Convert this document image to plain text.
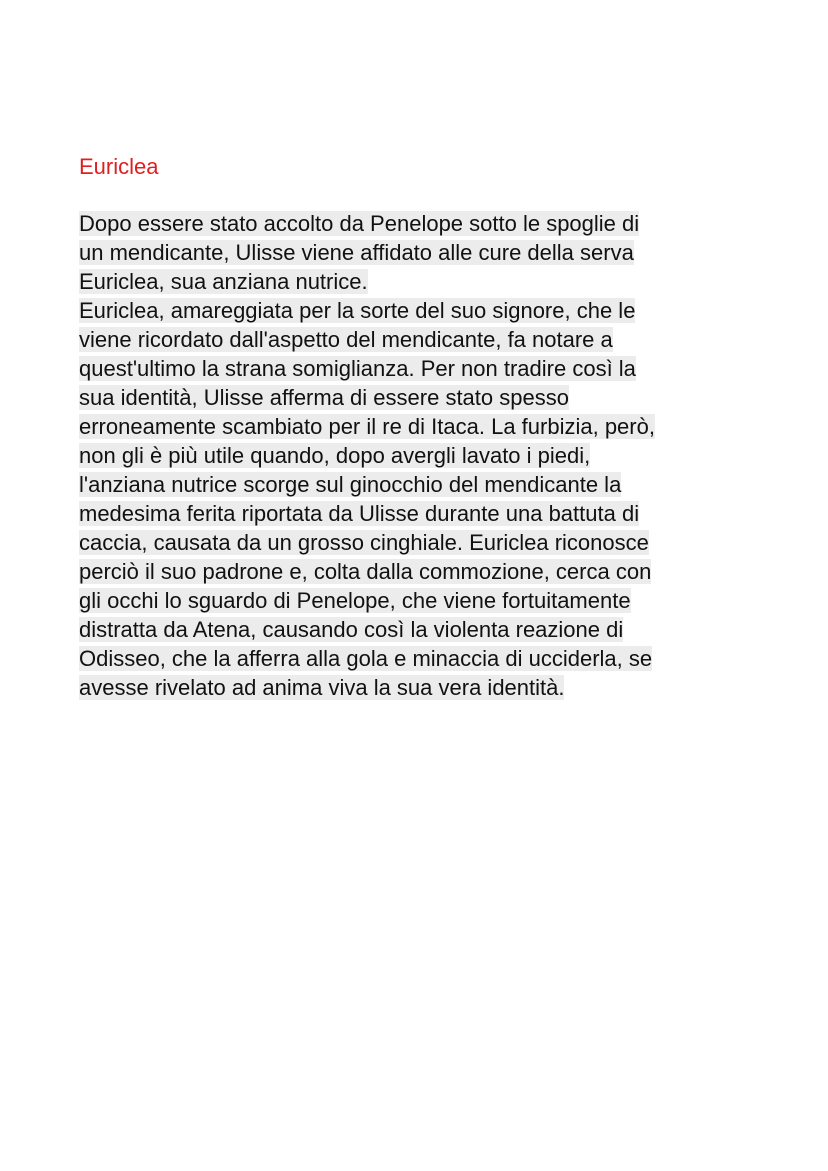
Euriclea
Dopo essere stato accolto da Penelope sotto le spoglie di
un mendicante, Ulisse viene affidato alle cure della serva
Euriclea, sua anziana nutrice.
Euriclea, amareggiata per la sorte del suo signore, che le
viene ricordato dall'aspetto del mendicante, fa notare a
quest'ultimo la strana somiglianza. Per non tradire così la
sua identità, Ulisse afferma di essere stato spesso
erroneamente scambiato per il re di Itaca. La furbizia, però,
non gli è più utile quando, dopo avergli lavato i piedi,
l'anziana nutrice scorge sul ginocchio del mendicante la
medesima ferita riportata da Ulisse durante una battuta di
caccia, causata da un grosso cinghiale. Euriclea riconosce
perciò il suo padrone e, colta dalla commozione, cerca con
gli occhi lo sguardo di Penelope, che viene fortuitamente
distratta da Atena, causando così la violenta reazione di
Odisseo, che la afferra alla gola e minaccia di ucciderla, se
avesse rivelato ad anima viva la sua vera identità.
